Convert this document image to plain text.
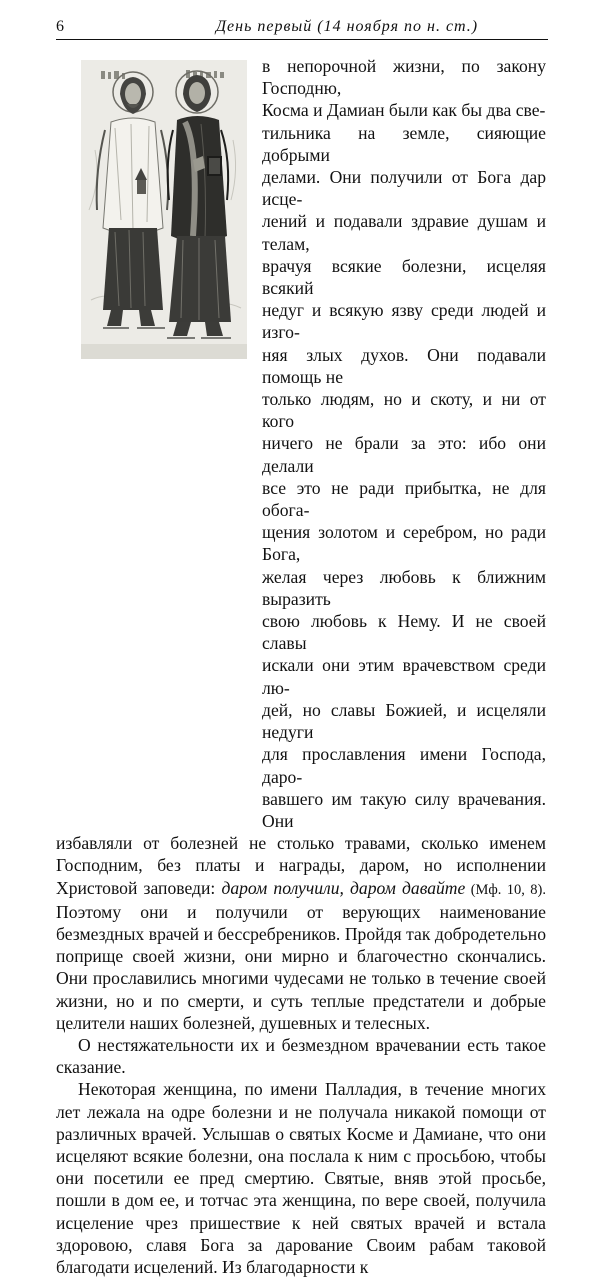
6	День первый (14 ноября по н. ст.)
в непорочной жизни, по закону Господню,
Косма и Дамиан были как бы два све-
тильника на земле, сияющие добрыми
делами. Они получили от Бога дар исце-
лений и подавали здравие душам и телам,
врачуя всякие болезни, исцеляя всякий
недуг и всякую язву среди людей и изго-
няя злых духов. Они подавали помощь не
только людям, но и скоту, и ни от кого
ничего не брали за это: ибо они делали
все это не ради прибытка, не для обога-
щения золотом и серебром, но ради Бога,
желая через любовь к ближним выразить
свою любовь к Нему. И не своей славы
искали они этим врачевством среди лю-
дей, но славы Божией, и исцеляли недуги
для прославления имени Господа, даро-
вавшего им такую силу врачевания. Они
избавляли от болезней не столько травами, сколько именем Господним, без платы и награды, даром, но исполнении Христовой заповеди: даром получили, даром давайте (Мф. 10, 8). Поэтому они и получили от верующих наименование безмездных врачей и бессребреников. Пройдя так добродетельно поприще своей жизни, они мирно и благочестно скончались. Они прославились многими чудесами не только в течение своей жизни, но и по смерти, и суть теплые предстатели и добрые целители наших болезней, душевных и телесных.

О нестяжательности их и безмездном врачевании есть такое сказание.

Некоторая женщина, по имени Палладия, в течение многих лет лежала на одре болезни и не получала никакой помощи от различных врачей. Услышав о святых Косме и Дамиане, что они исцеляют всякие болезни, она послала к ним с просьбою, чтобы они посетили ее пред смертию. Святые, вняв этой просьбе, пошли в дом ее, и тотчас эта женщина, по вере своей, получила исцеление чрез пришествие к ней святых врачей и встала здоровою, славя Бога за дарование Своим рабам таковой благодати исцелений. Из благодарности к
